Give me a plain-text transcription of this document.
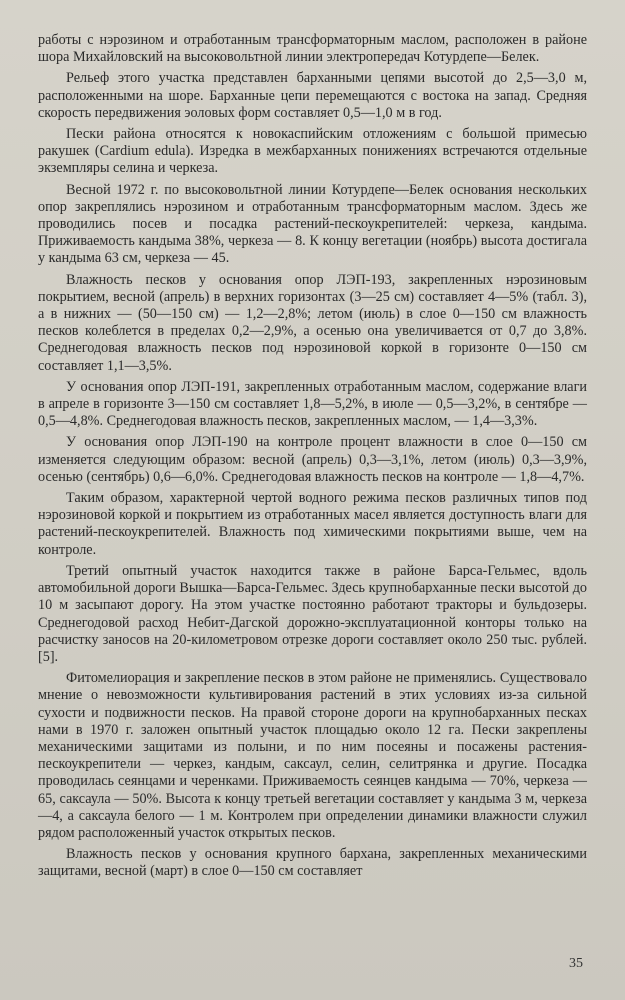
работы с нэрозином и отработанным трансформаторным маслом, расположен в районе шора Михайловский на высоковольтной линии электропередач Котурдепе—Белек.

Рельеф этого участка представлен барханными цепями высотой до 2,5—3,0 м, расположенными на шоре. Барханные цепи перемещаются с востока на запад. Средняя скорость передвижения эоловых форм составляет 0,5—1,0 м в год.

Пески района относятся к новокаспийским отложениям с большой примесью ракушек (Cardium edula). Изредка в межбарханных понижениях встречаются отдельные экземпляры селина и черкеза.

Весной 1972 г. по высоковольтной линии Котурдепе—Белек основания нескольких опор закреплялись нэрозином и отработанным трансформаторным маслом. Здесь же проводились посев и посадка растений-пескоукрепителей: черкеза, кандыма. Приживаемость кандыма 38%, черкеза — 8. К концу вегетации (ноябрь) высота достигала у кандыма 63 см, черкеза — 45.

Влажность песков у основания опор ЛЭП-193, закрепленных нэрозиновым покрытием, весной (апрель) в верхних горизонтах (3—25 см) составляет 4—5% (табл. 3), а в нижних — (50—150 см) — 1,2—2,8%; летом (июль) в слое 0—150 см влажность песков колеблется в пределах 0,2—2,9%, а осенью она увеличивается от 0,7 до 3,8%. Среднегодовая влажность песков под нэрозиновой коркой в горизонте 0—150 см составляет 1,1—3,5%.

У основания опор ЛЭП-191, закрепленных отработанным маслом, содержание влаги в апреле в горизонте 3—150 см составляет 1,8—5,2%, в июле — 0,5—3,2%, в сентябре — 0,5—4,8%. Среднегодовая влажность песков, закрепленных маслом, — 1,4—3,3%.

У основания опор ЛЭП-190 на контроле процент влажности в слое 0—150 см изменяется следующим образом: весной (апрель) 0,3—3,1%, летом (июль) 0,3—3,9%, осенью (сентябрь) 0,6—6,0%. Среднегодовая влажность песков на контроле — 1,8—4,7%.

Таким образом, характерной чертой водного режима песков различных типов под нэрозиновой коркой и покрытием из отработанных масел является доступность влаги для растений-пескоукрепителей. Влажность под химическими покрытиями выше, чем на контроле.

Третий опытный участок находится также в районе Барса-Гельмес, вдоль автомобильной дороги Вышка—Барса-Гельмес. Здесь крупнобарханные пески высотой до 10 м засыпают дорогу. На этом участке постоянно работают тракторы и бульдозеры. Среднегодовой расход Небит-Дагской дорожно-эксплуатационной конторы только на расчистку заносов на 20-километровом отрезке дороги составляет около 250 тыс. рублей. [5].

Фитомелиорация и закрепление песков в этом районе не применялись. Существовало мнение о невозможности культивирования растений в этих условиях из-за сильной сухости и подвижности песков. На правой стороне дороги на крупнобарханных песках нами в 1970 г. заложен опытный участок площадью около 12 га. Пески закреплены механическими защитами из полыни, и по ним посеяны и посажены растения-пескоукрепители — черкез, кандым, саксаул, селин, селитрянка и другие. Посадка проводилась сеянцами и черенками. Приживаемость сеянцев кандыма — 70%, черкеза — 65, саксаула — 50%. Высота к концу третьей вегетации составляет у кандыма 3 м, черкеза—4, а саксаула белого — 1 м. Контролем при определении динамики влажности служил рядом расположенный участок открытых песков.

Влажность песков у основания крупного бархана, закрепленных механическими защитами, весной (март) в слое 0—150 см составляет

35
